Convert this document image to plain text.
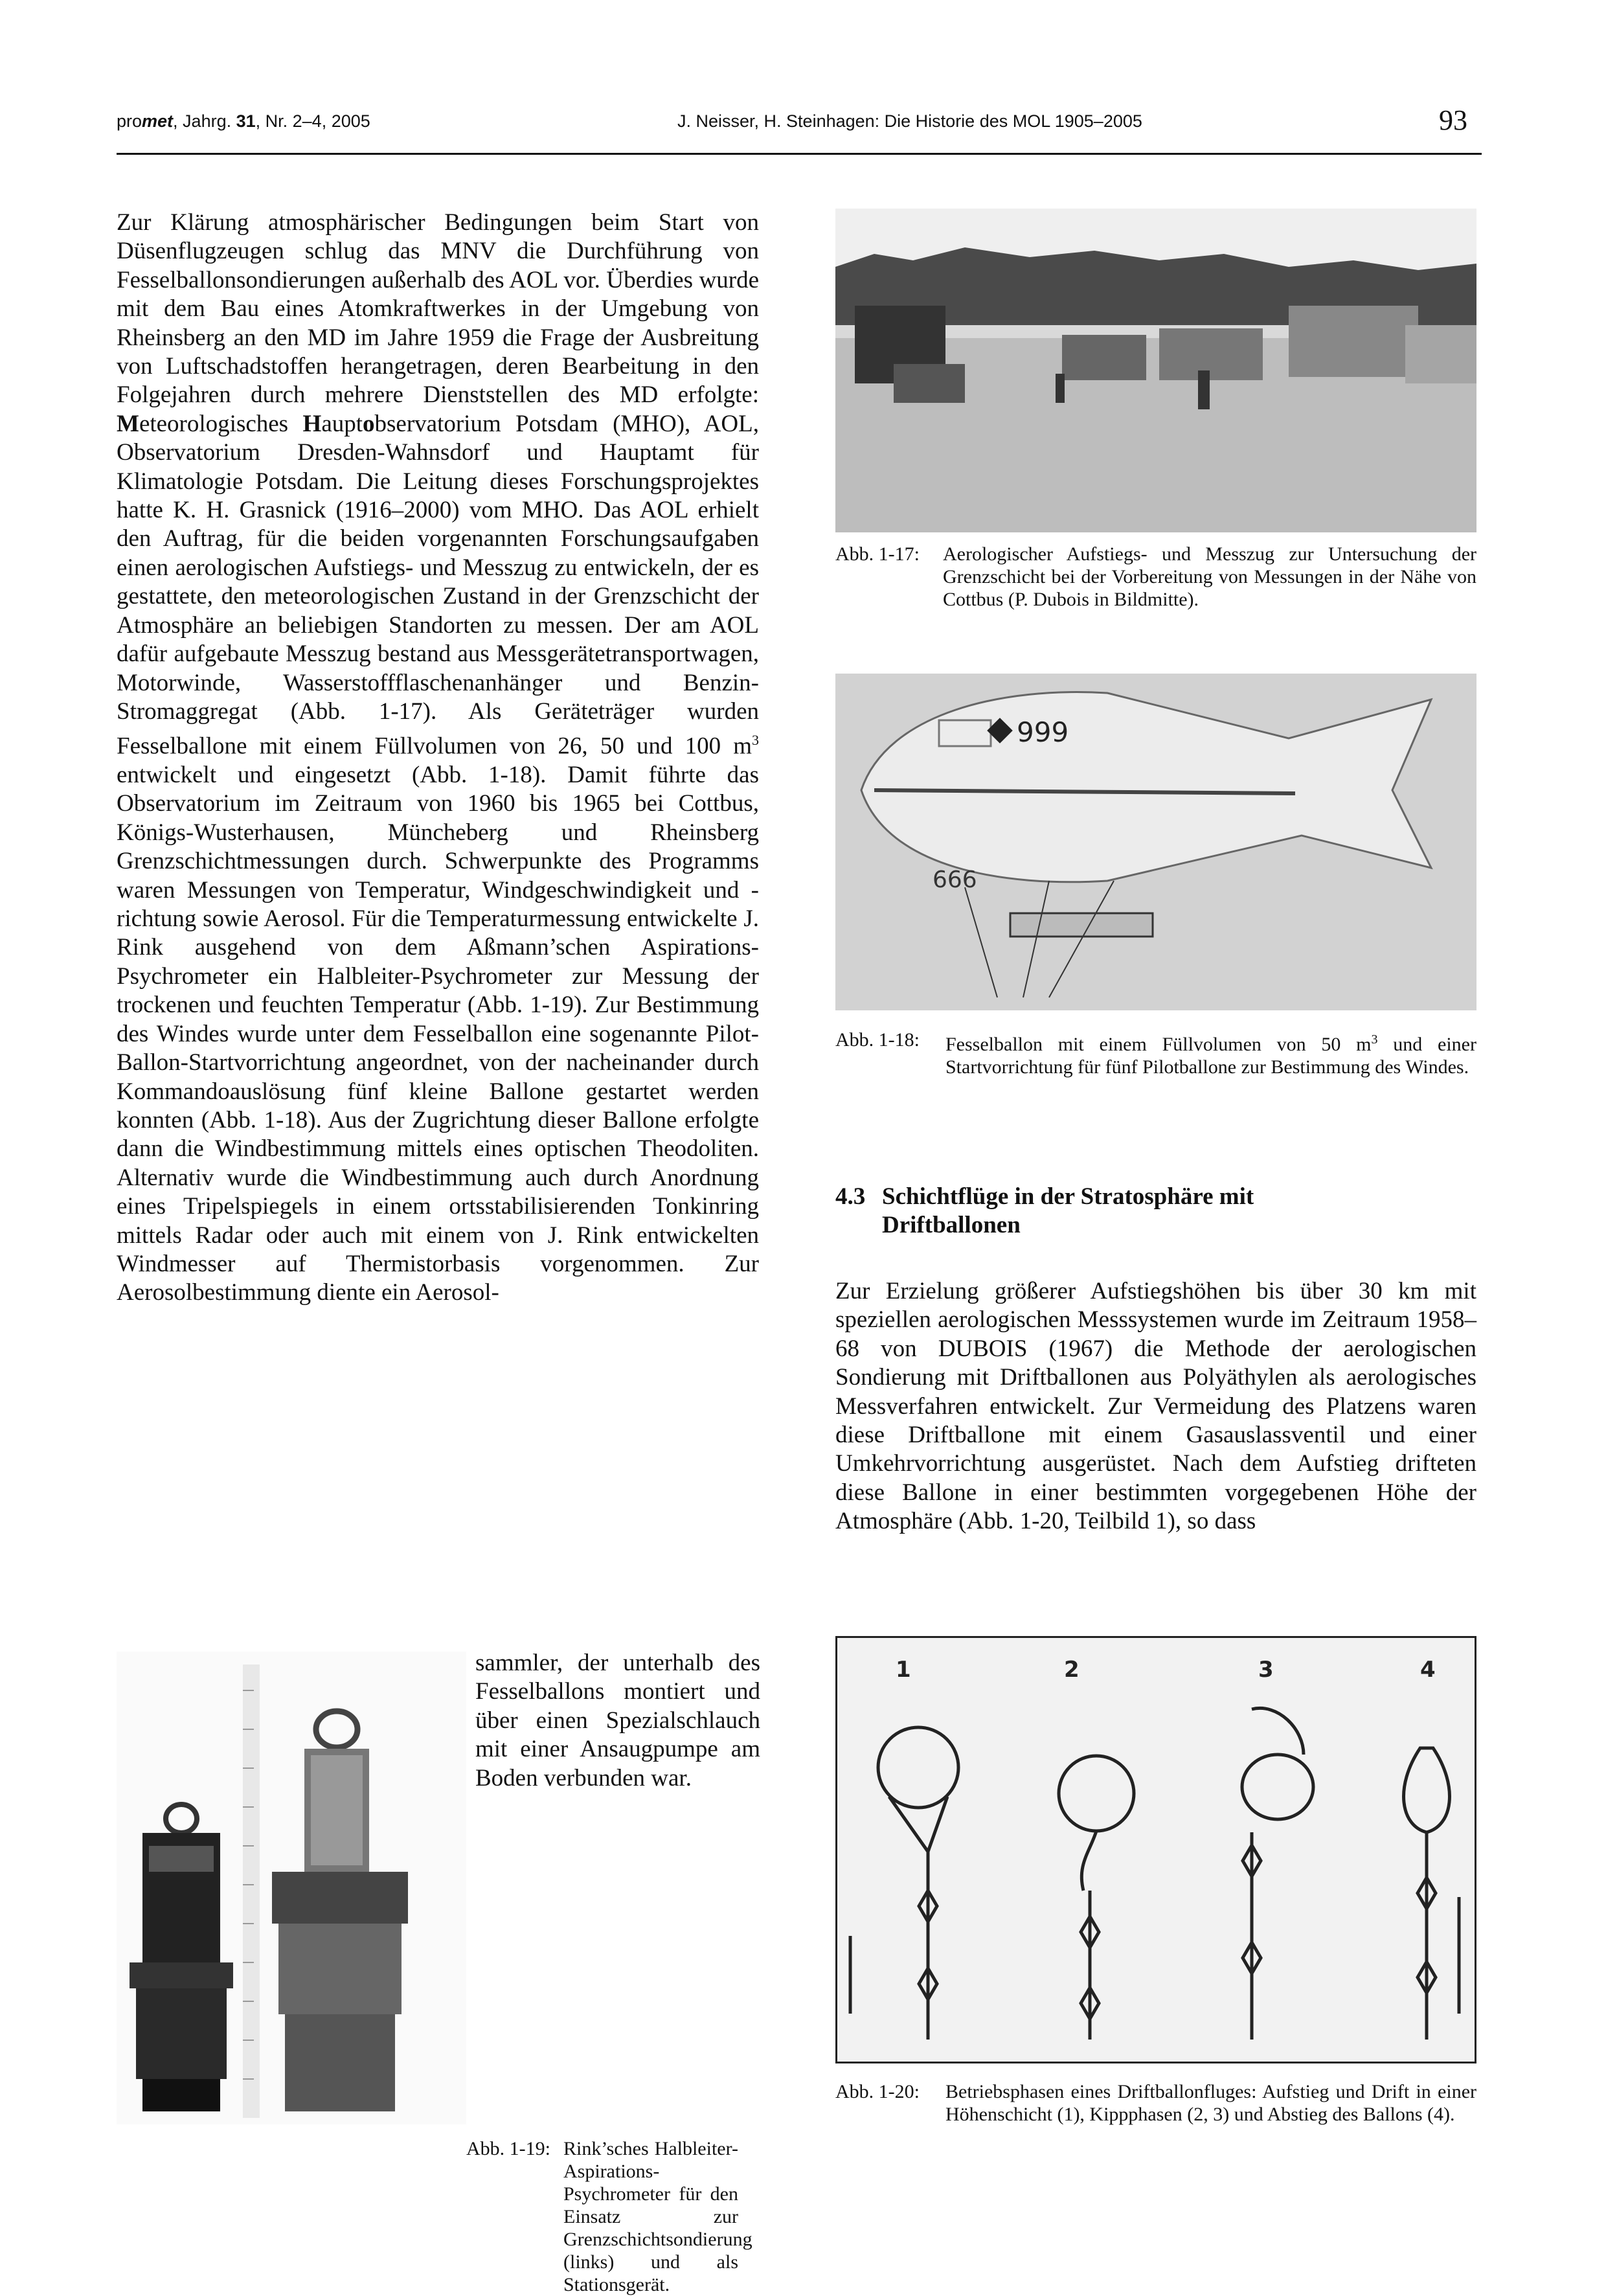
promet, Jahrg. 31, Nr. 2–4, 2005	J. Neisser, H. Steinhagen: Die Historie des MOL 1905–2005	93
Zur Klärung atmosphärischer Bedingungen beim Start von Düsenflugzeugen schlug das MNV die Durchführung von Fesselballonsondierungen außerhalb des AOL vor. Überdies wurde mit dem Bau eines Atomkraftwerkes in der Umgebung von Rheinsberg an den MD im Jahre 1959 die Frage der Ausbreitung von Luftschadstoffen herangetragen, deren Bearbeitung in den Folgejahren durch mehrere Dienststellen des MD erfolgte: Meteorologisches Hauptobservatorium Potsdam (MHO), AOL, Observatorium Dresden-Wahnsdorf und Hauptamt für Klimatologie Potsdam. Die Leitung dieses Forschungsprojektes hatte K. H. Grasnick (1916–2000) vom MHO. Das AOL erhielt den Auftrag, für die beiden vorgenannten Forschungsaufgaben einen aerologischen Aufstiegs- und Messzug zu entwickeln, der es gestattete, den meteorologischen Zustand in der Grenzschicht der Atmosphäre an beliebigen Standorten zu messen. Der am AOL dafür aufgebaute Messzug bestand aus Messgerätetransportwagen, Motorwinde, Wasserstoffflaschenanhänger und Benzin-Stromaggregat (Abb. 1-17). Als Geräteträger wurden Fesselballone mit einem Füllvolumen von 26, 50 und 100 $m^3$ entwickelt und eingesetzt (Abb. 1-18). Damit führte das Observatorium im Zeitraum von 1960 bis 1965 bei Cottbus, Königs-Wusterhausen, Müncheberg und Rheinsberg Grenzschichtmessungen durch. Schwerpunkte des Programms waren Messungen von Temperatur, Windgeschwindigkeit und -richtung sowie Aerosol. Für die Temperaturmessung entwickelte J. Rink ausgehend von dem Aßmann’schen Aspirations-Psychrometer ein Halbleiter-Psychrometer zur Messung der trockenen und feuchten Temperatur (Abb. 1-19). Zur Bestimmung des Windes wurde unter dem Fesselballon eine sogenannte Pilot-Ballon-Startvorrichtung angeordnet, von der nacheinander durch Kommandoauslösung fünf kleine Ballone gestartet werden konnten (Abb. 1-18). Aus der Zugrichtung dieser Ballone erfolgte dann die Windbestimmung mittels eines optischen Theodoliten. Alternativ wurde die Windbestimmung auch durch Anordnung eines Tripelspiegels in einem ortsstabilisierenden Tonkinring mittels Radar oder auch mit einem von J. Rink entwickelten Windmesser auf Thermistorbasis vorgenommen. Zur Aerosolbestimmung diente ein Aerosol-
sammler, der unterhalb des Fesselballons montiert und über einen Spezialschlauch mit einer Ansaugpumpe am Boden verbunden war.
Abb. 1-19: Rink’sches Halbleiter-Aspirations-Psychrometer für den Einsatz zur Grenzschichtsondierung (links) und als Stationsgerät.
Abb. 1-17: Aerologischer Aufstiegs- und Messzug zur Untersuchung der Grenzschicht bei der Vorbereitung von Messungen in der Nähe von Cottbus (P. Dubois in Bildmitte).
999
666
Abb. 1-18: Fesselballon mit einem Füllvolumen von 50 $m^3$ und einer Startvorrichtung für fünf Pilotballone zur Bestimmung des Windes.
4.3 Schichtflüge in der Stratosphäre mit
Driftballonen
Zur Erzielung größerer Aufstiegshöhen bis über 30 km mit speziellen aerologischen Messsystemen wurde im Zeitraum 1958–68 von DUBOIS (1967) die Methode der aerologischen Sondierung mit Driftballonen aus Polyäthylen als aerologisches Messverfahren entwickelt. Zur Vermeidung des Platzens waren diese Driftballone mit einem Gasauslassventil und einer Umkehrvorrichtung ausgerüstet. Nach dem Aufstieg drifteten diese Ballone in einer bestimmten vorgegebenen Höhe der Atmosphäre (Abb. 1-20, Teilbild 1), so dass
1	2	3	4
Abb. 1-20: Betriebsphasen eines Driftballonfluges: Aufstieg und Drift in einer Höhenschicht (1), Kippphasen (2, 3) und Abstieg des Ballons (4).
